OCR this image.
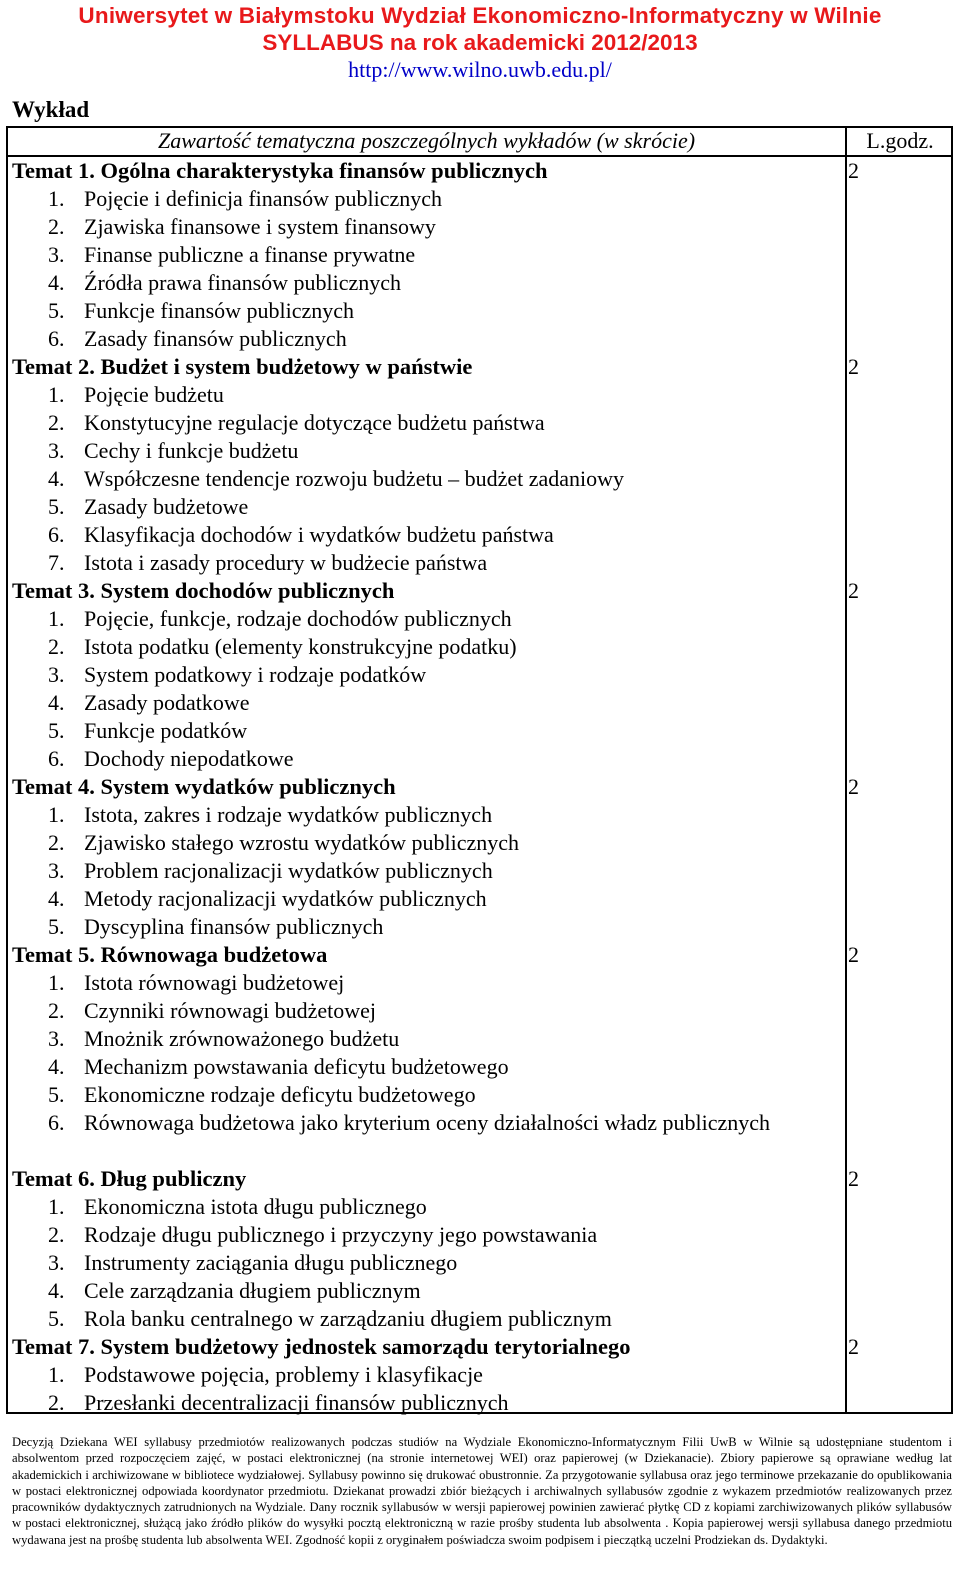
Uniwersytet w Białymstoku Wydział Ekonomiczno-Informatyczny w Wilnie
SYLLABUS na rok akademicki 2012/2013
http://www.wilno.uwb.edu.pl/
Wykład
Zawartość tematyczna poszczególnych wykładów (w skrócie)	L.godz.
Temat 1. Ogólna charakterystyka finansów publicznych	2
1. Pojęcie i definicja finansów publicznych
2. Zjawiska finansowe i system finansowy
3. Finanse publiczne a finanse prywatne
4. Źródła prawa finansów publicznych
5. Funkcje finansów publicznych
6. Zasady finansów publicznych
Temat 2. Budżet i system budżetowy w państwie	2
1. Pojęcie budżetu
2. Konstytucyjne regulacje dotyczące budżetu państwa
3. Cechy i funkcje budżetu
4. Współczesne tendencje rozwoju budżetu – budżet zadaniowy
5. Zasady budżetowe
6. Klasyfikacja dochodów i wydatków budżetu państwa
7. Istota i zasady procedury w budżecie państwa
Temat 3. System dochodów publicznych	2
1. Pojęcie, funkcje, rodzaje dochodów publicznych
2. Istota podatku (elementy konstrukcyjne podatku)
3. System podatkowy i rodzaje podatków
4. Zasady podatkowe
5. Funkcje podatków
6. Dochody niepodatkowe
Temat 4. System wydatków publicznych	2
1. Istota, zakres i rodzaje wydatków publicznych
2. Zjawisko stałego wzrostu wydatków publicznych
3. Problem racjonalizacji wydatków publicznych
4. Metody racjonalizacji wydatków publicznych
5. Dyscyplina finansów publicznych
Temat 5. Równowaga budżetowa	2
1. Istota równowagi budżetowej
2. Czynniki równowagi budżetowej
3. Mnożnik zrównoważonego budżetu
4. Mechanizm powstawania deficytu budżetowego
5. Ekonomiczne rodzaje deficytu budżetowego
6. Równowaga budżetowa jako kryterium oceny działalności władz publicznych
Temat 6. Dług publiczny	2
1. Ekonomiczna istota długu publicznego
2. Rodzaje długu publicznego i przyczyny jego powstawania
3. Instrumenty zaciągania długu publicznego
4. Cele zarządzania długiem publicznym
5. Rola banku centralnego w zarządzaniu długiem publicznym
Temat 7. System budżetowy jednostek samorządu terytorialnego	2
1. Podstawowe pojęcia, problemy i klasyfikacje
2. Przesłanki decentralizacji finansów publicznych
Decyzją Dziekana WEI syllabusy przedmiotów realizowanych podczas studiów na Wydziale Ekonomiczno-Informatycznym Filii UwB w Wilnie są udostępniane studentom i absolwentom przed rozpoczęciem zajęć, w postaci elektronicznej (na stronie internetowej WEI) oraz papierowej (w Dziekanacie). Zbiory papierowe są oprawiane według lat akademickich i archiwizowane w bibliotece wydziałowej. Syllabusy powinno się drukować obustronnie. Za przygotowanie syllabusa oraz jego terminowe przekazanie do opublikowania w postaci elektronicznej odpowiada koordynator przedmiotu. Dziekanat prowadzi zbiór bieżących i archiwalnych syllabusów zgodnie z wykazem przedmiotów realizowanych przez pracowników dydaktycznych zatrudnionych na Wydziale. Dany rocznik syllabusów w wersji papierowej powinien zawierać płytkę CD z kopiami zarchiwizowanych plików syllabusów w postaci elektronicznej, służącą jako źródło plików do wysyłki pocztą elektroniczną w razie prośby studenta lub absolwenta . Kopia papierowej wersji syllabusa danego przedmiotu wydawana jest na prośbę studenta lub absolwenta WEI. Zgodność kopii z oryginałem poświadcza swoim podpisem i pieczątką uczelni Prodziekan ds. Dydaktyki.
